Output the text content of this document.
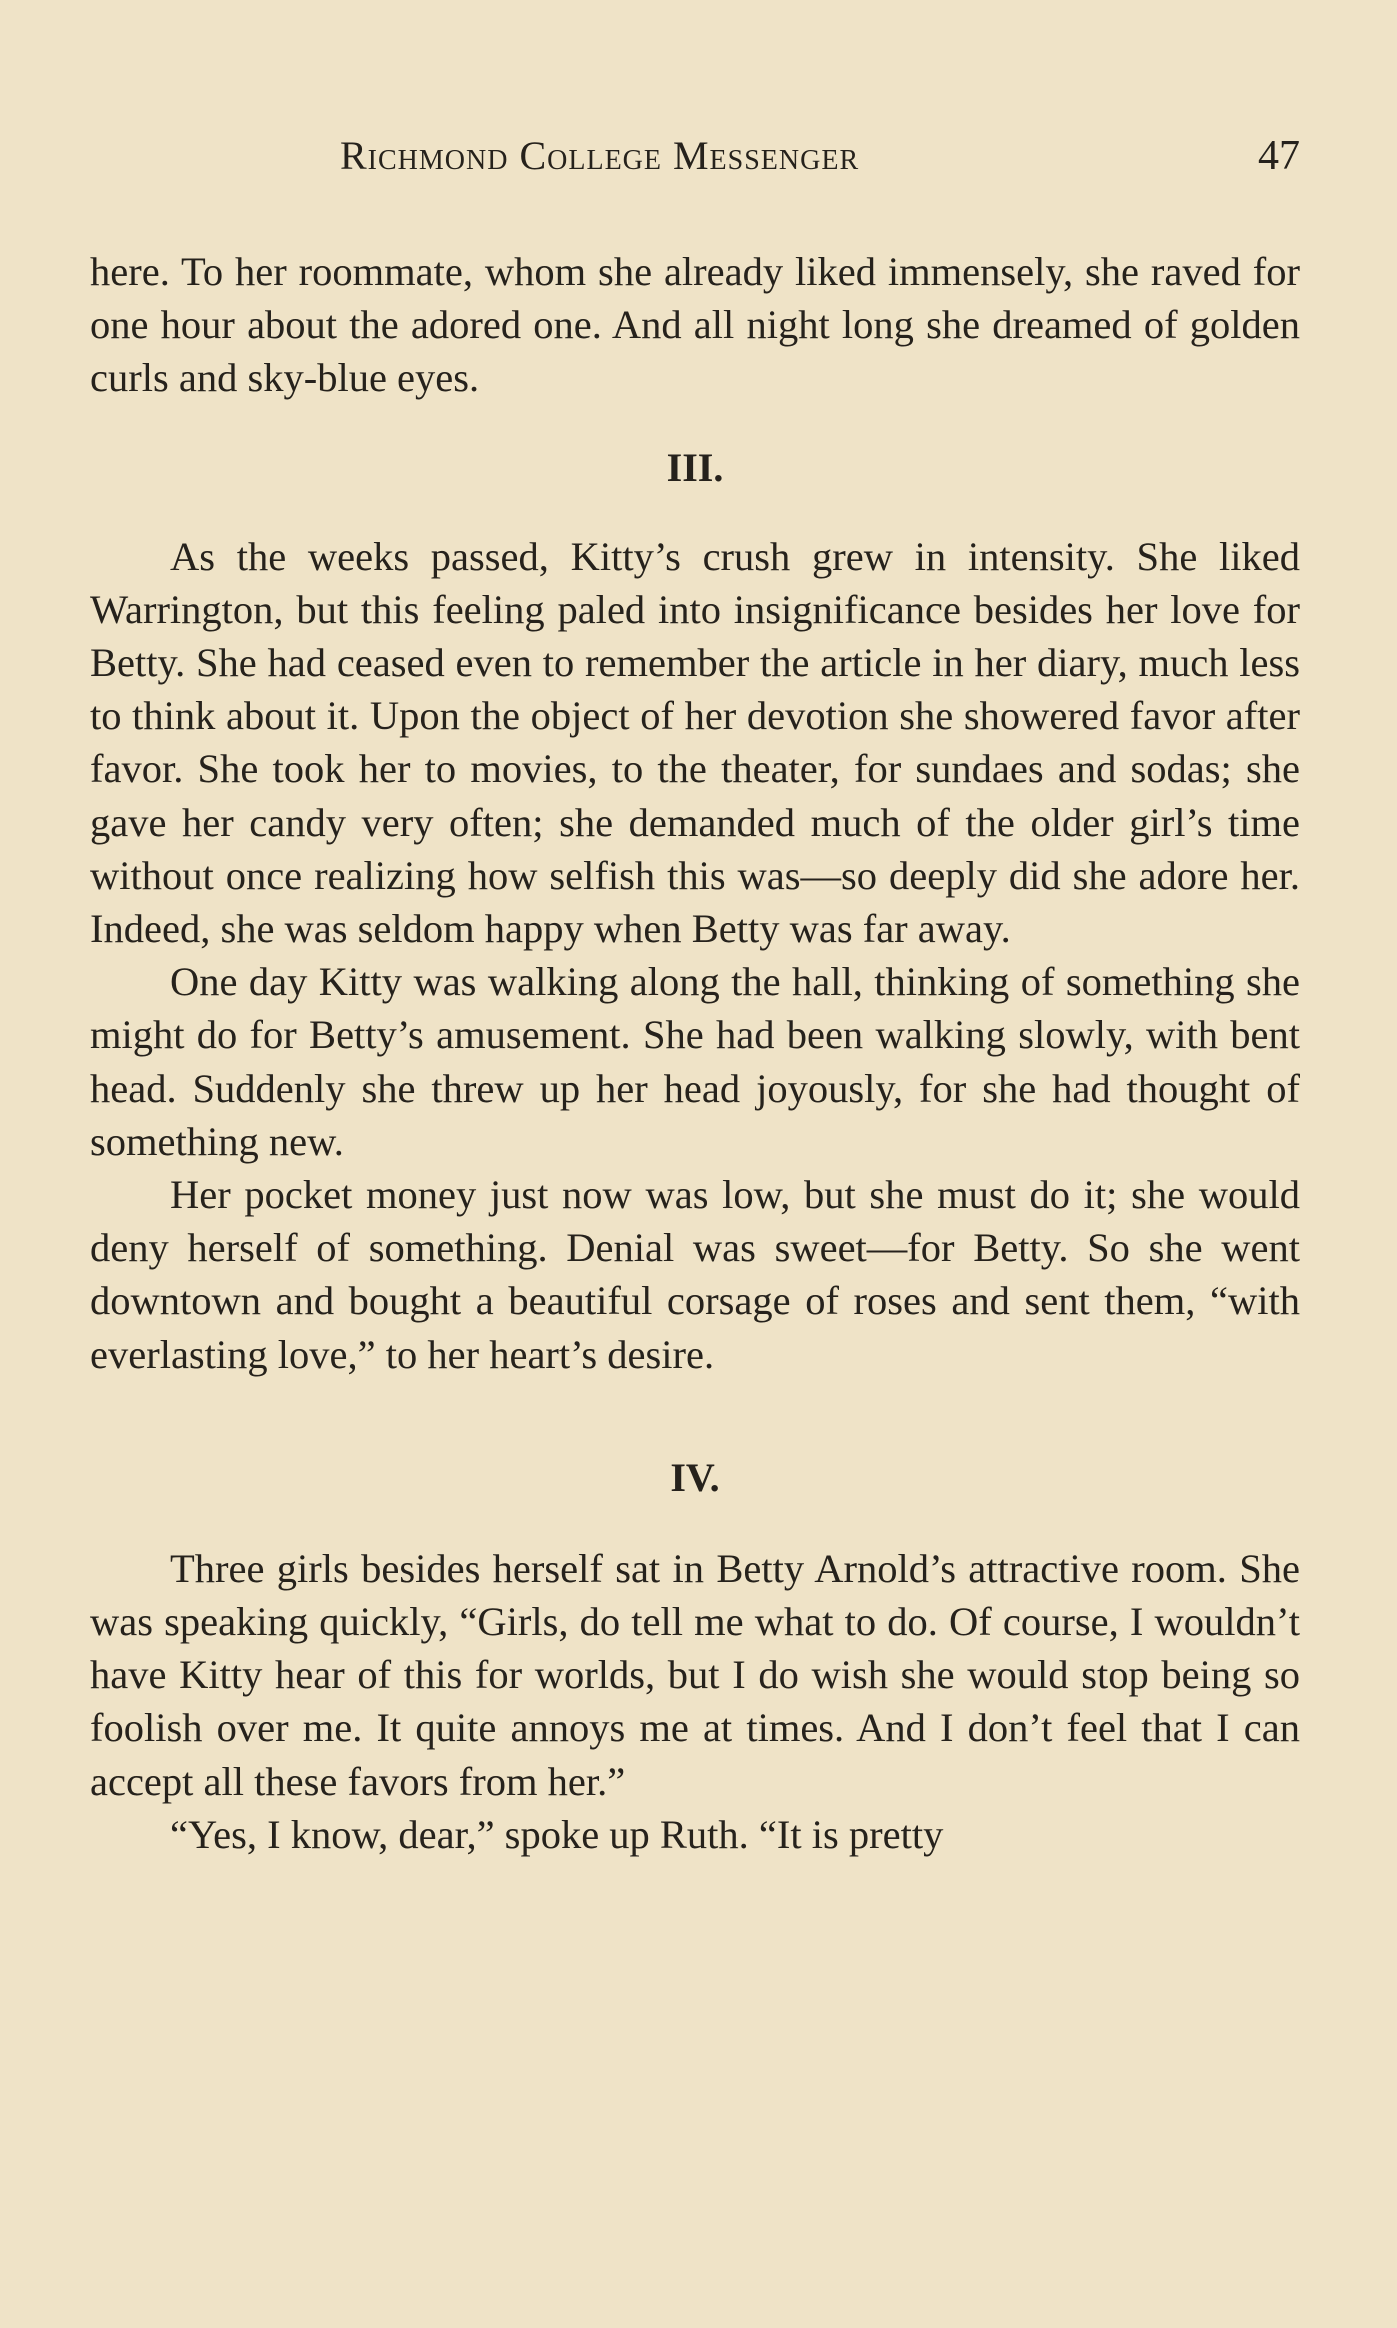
Richmond College Messenger	47

here. To her roommate, whom she already liked immensely, she raved for one hour about the adored one. And all night long she dreamed of golden curls and sky-blue eyes.

III.

As the weeks passed, Kitty’s crush grew in intensity. She liked Warrington, but this feeling paled into insignificance besides her love for Betty. She had ceased even to remember the article in her diary, much less to think about it. Upon the object of her devotion she showered favor after favor. She took her to movies, to the theater, for sundaes and sodas; she gave her candy very often; she demanded much of the older girl’s time without once realizing how selfish this was—so deeply did she adore her. Indeed, she was seldom happy when Betty was far away.

One day Kitty was walking along the hall, thinking of something she might do for Betty’s amusement. She had been walking slowly, with bent head. Suddenly she threw up her head joyously, for she had thought of something new.

Her pocket money just now was low, but she must do it; she would deny herself of something. Denial was sweet—for Betty. So she went downtown and bought a beautiful corsage of roses and sent them, “with everlasting love,” to her heart’s desire.

IV.

Three girls besides herself sat in Betty Arnold’s attractive room. She was speaking quickly, “Girls, do tell me what to do. Of course, I wouldn’t have Kitty hear of this for worlds, but I do wish she would stop being so foolish over me. It quite annoys me at times. And I don’t feel that I can accept all these favors from her.”

“Yes, I know, dear,” spoke up Ruth. “It is pretty
